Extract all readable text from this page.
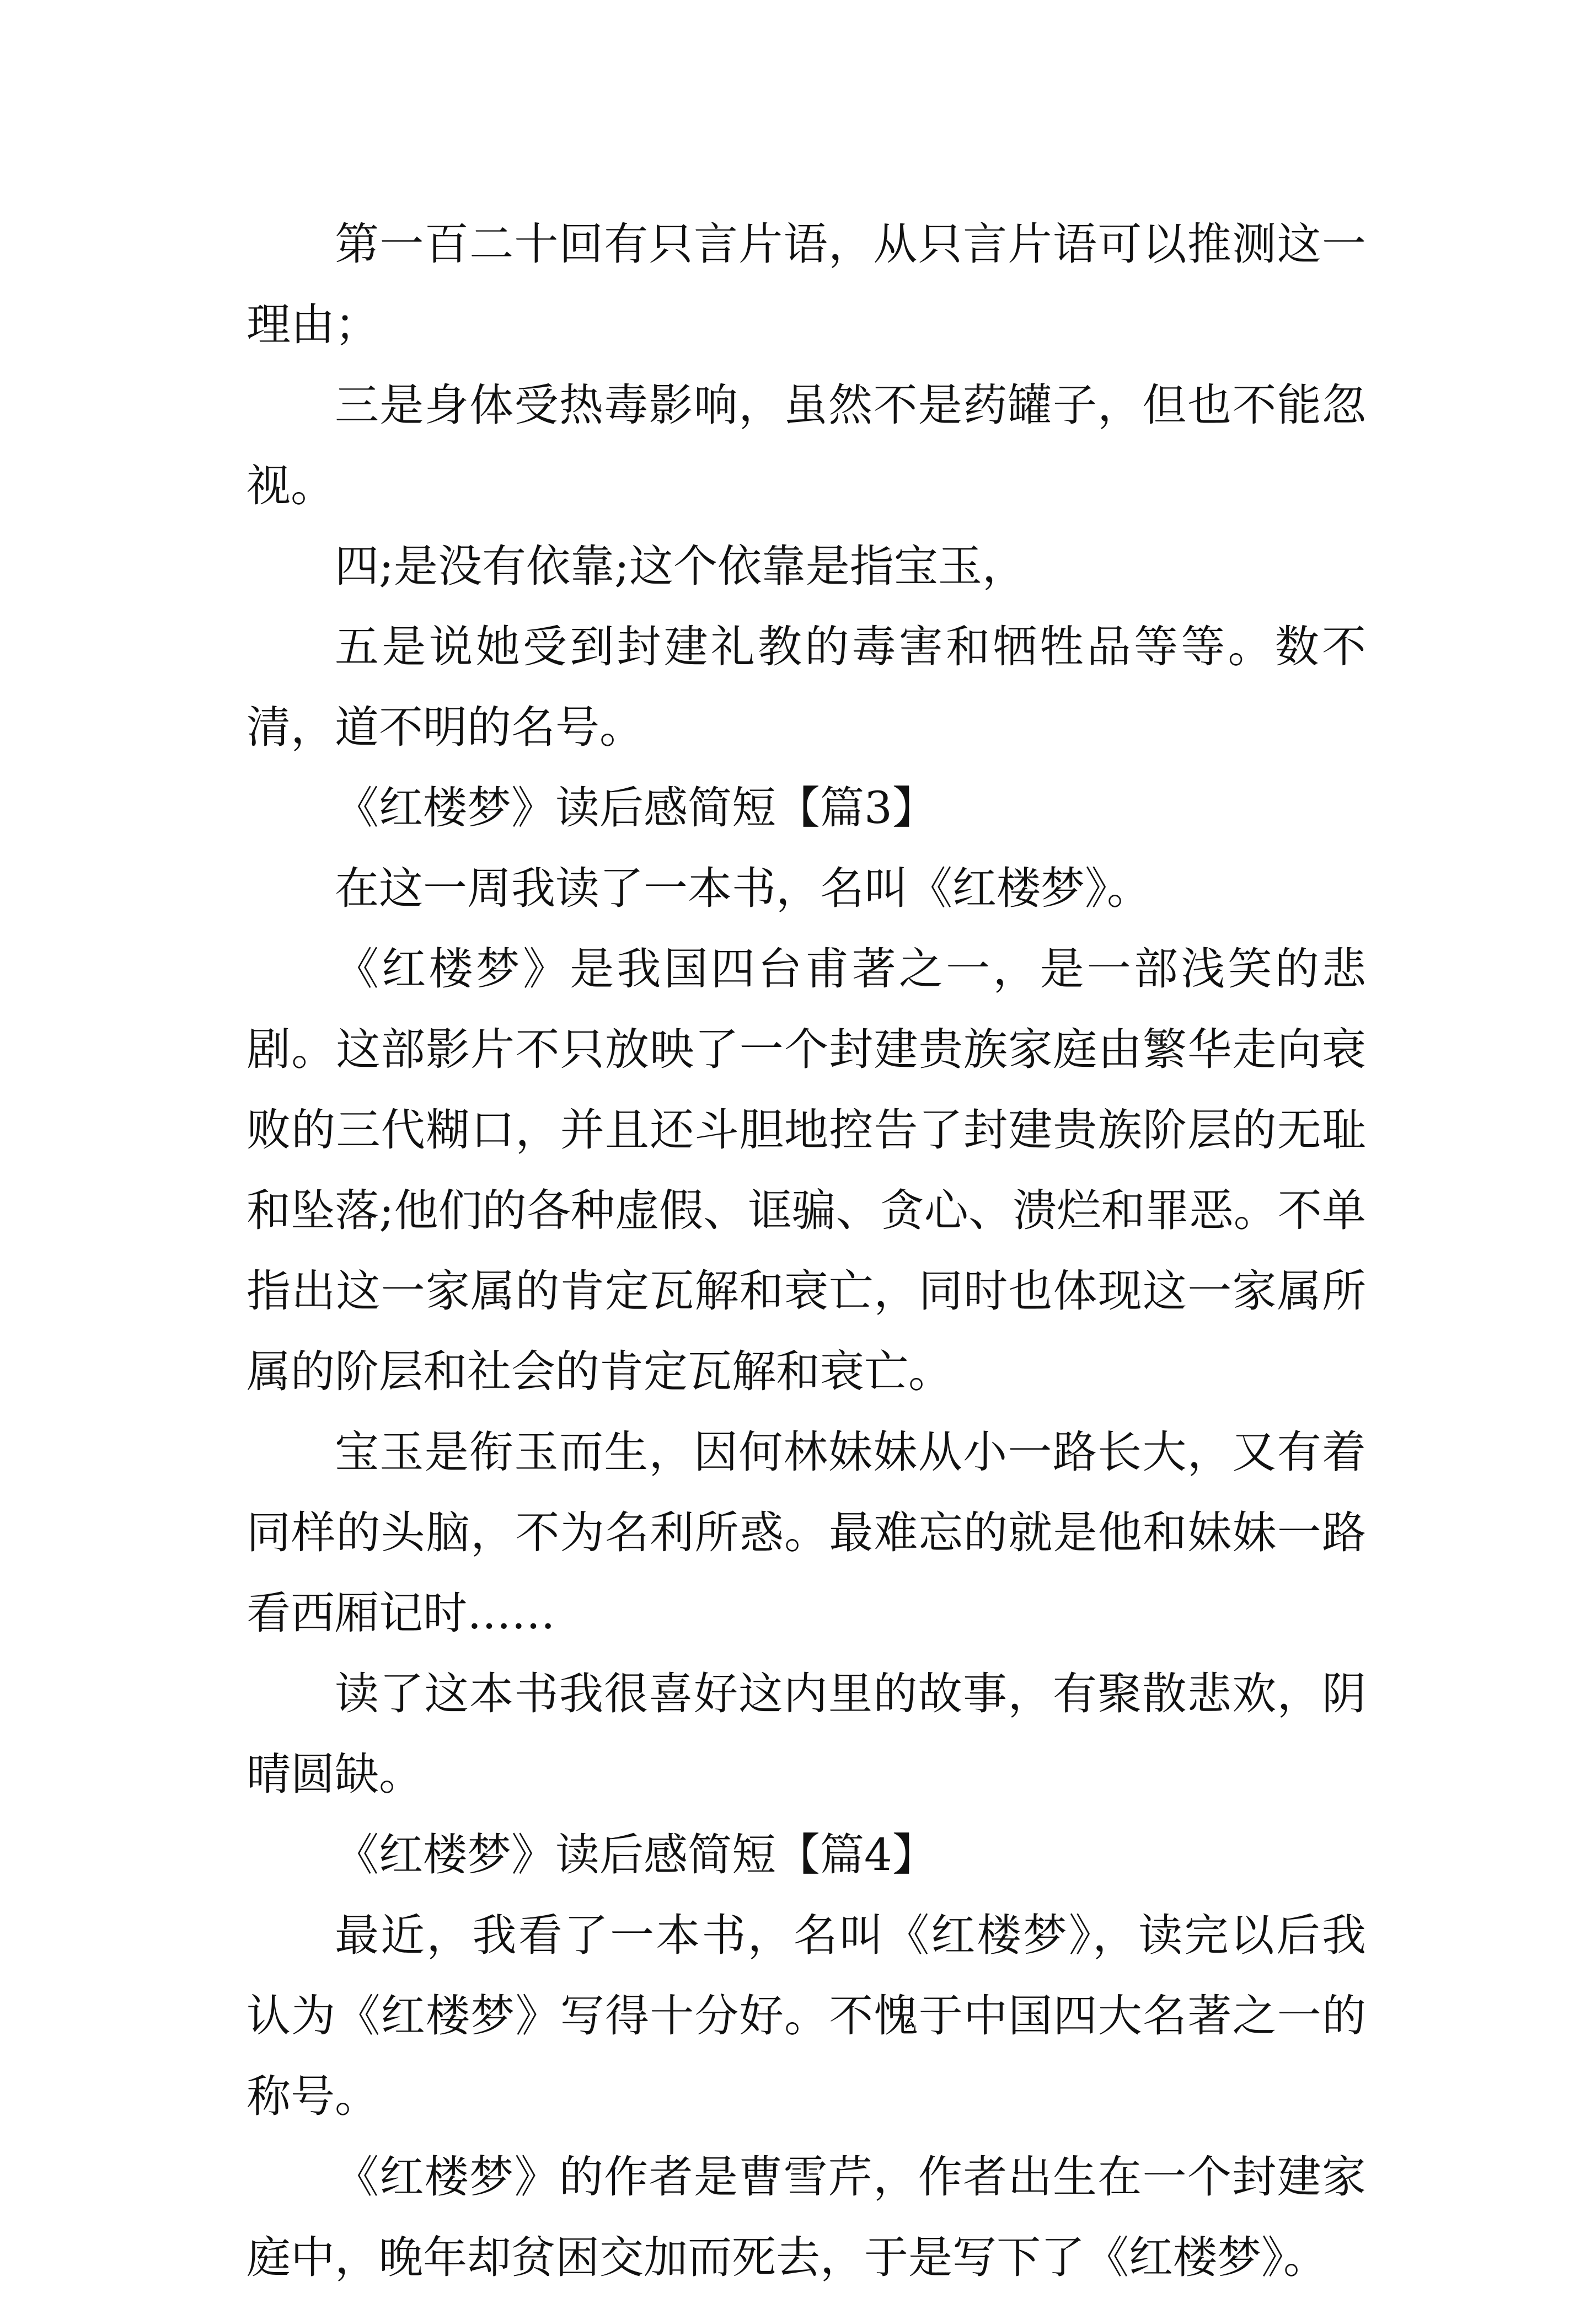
第一百二十回有只言片语，从只言片语可以推测这一理由；

三是身体受热毒影响，虽然不是药罐子，但也不能忽视。

四;是没有依靠;这个依靠是指宝玉，

五是说她受到封建礼教的毒害和牺牲品等等。数不清，道不明的名号。

《红楼梦》读后感简短【篇3】

在这一周我读了一本书，名叫《红楼梦》。

《红楼梦》是我国四台甫著之一，是一部浅笑的悲剧。这部影片不只放映了一个封建贵族家庭由繁华走向衰败的三代糊口，并且还斗胆地控告了封建贵族阶层的无耻和坠落;他们的各种虚假、诓骗、贪心、溃烂和罪恶。不单指出这一家属的肯定瓦解和衰亡，同时也体现这一家属所属的阶层和社会的肯定瓦解和衰亡。

宝玉是衔玉而生，因何林妹妹从小一路长大，又有着同样的头脑，不为名利所惑。最难忘的就是他和妹妹一路看西厢记时……

读了这本书我很喜好这内里的故事，有聚散悲欢，阴晴圆缺。

《红楼梦》读后感简短【篇4】

最近，我看了一本书，名叫《红楼梦》，读完以后我认为《红楼梦》写得十分好。不愧于中国四大名著之一的称号。

《红楼梦》的作者是曹雪芹，作者出生在一个封建家庭中，晚年却贫困交加而死去，于是写下了《红楼梦》。
